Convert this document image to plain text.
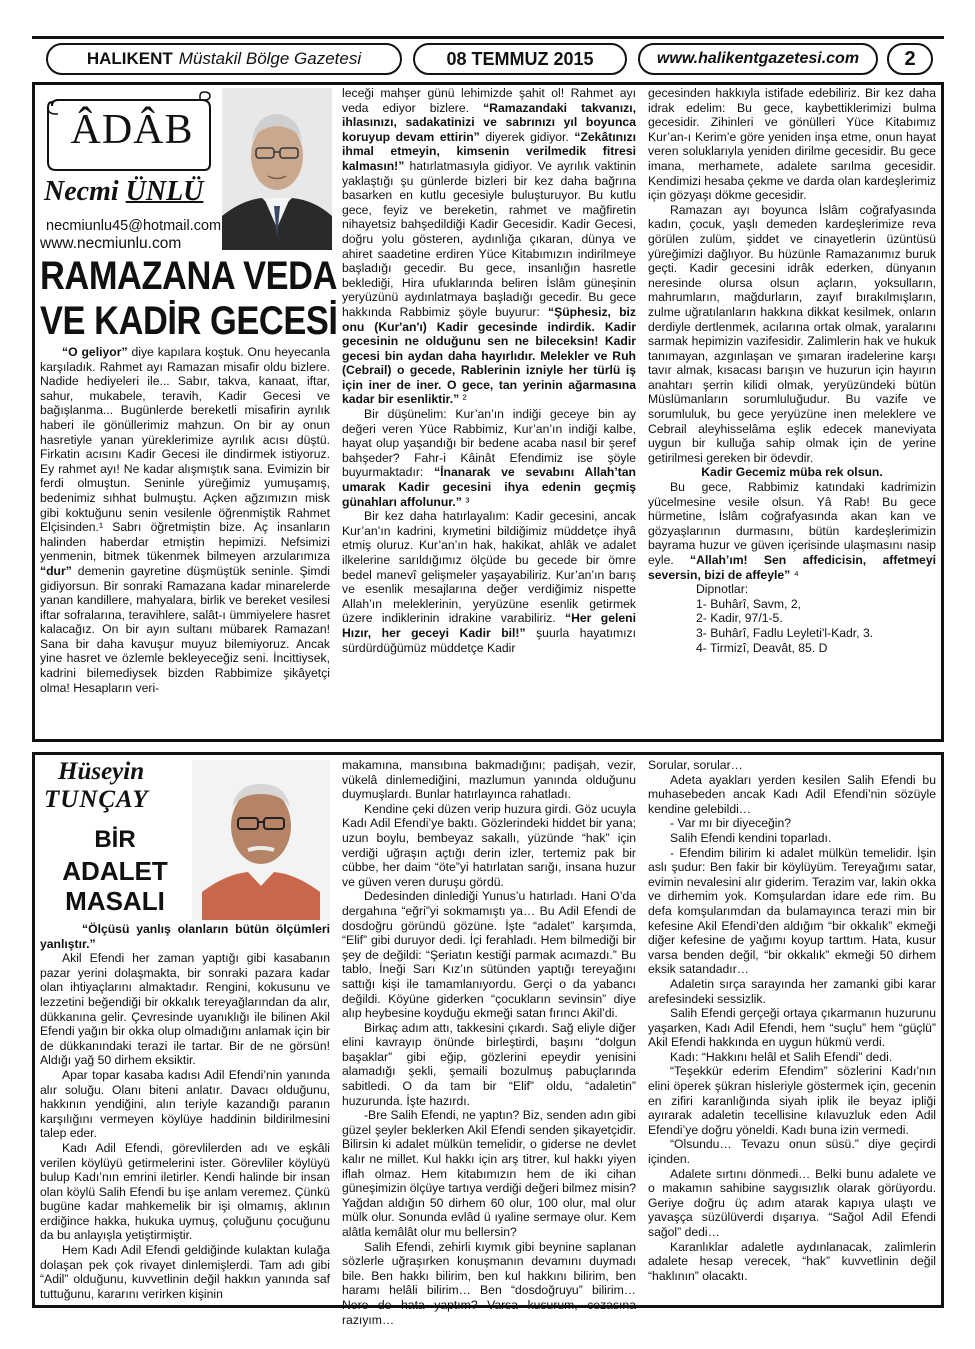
HALIKENT Müstakil Bölge Gazetesi	08 TEMMUZ 2015	www.halikentgazetesi.com 2
ÂDÂB
Necmi ÜNLÜ
necmiunlu45@hotmail.com
www.necmiunlu.com
RAMAZANA VEDA
VE KADİR GECESİ

“O geliyor” diye kapılara koştuk. Onu heyecanla karşıladık. Rahmet ayı Ramazan misafir oldu bizlere. Nadide hediyeleri ile... Sabır, takva, kanaat, iftar, sahur, mukabele, teravih, Kadir Gecesi ve bağışlanma... Bugünlerde bereketli misafirin ayrılık haberi ile gönüllerimiz mahzun. On bir ay onun hasretiyle yanan yüreklerimize ayrılık acısı düştü. Firkatin acısını Kadir Gecesi ile dindirmek istiyoruz. Ey rahmet ayı! Ne kadar alışmıştık sana. Evimizin bir ferdi olmuştun. Seninle yüreğimiz yumuşamış, bedenimiz sıhhat bulmuştu. Açken ağzımızın misk gibi koktuğunu senin vesilenle öğrenmiştik Rahmet Elçisinden.¹ Sabrı öğretmiştin bize. Aç insanların halinden haberdar etmiştin hepimizi. Nefsimizi yenmenin, bitmek tükenmek bilmeyen arzularımıza “dur” demenin gayretine düşmüştük seninle. Şimdi gidiyorsun. Bir sonraki Ramazana kadar minarelerde yanan kandillere, mahyalara, birlik ve bereket vesilesi iftar sofralarına, teravihlere, salât-ı ümmiyelere hasret kalacağız. On bir ayın sultanı mübarek Ramazan! Sana bir daha kavuşur muyuz bilemiyoruz. Ancak yine hasret ve özlemle bekleyeceğiz seni. İncittiysek, kadrini bilemediysek bizden Rabbimize şikâyetçi olma! Hesapların veri-

leceği mahşer günü lehimizde şahit ol! Rahmet ayı veda ediyor bizlere. “Ramazandaki takvanızı, ihlasınızı, sadakatinizi ve sabrınızı yıl boyunca koruyup devam ettirin” diyerek gidiyor. “Zekâtınızı ihmal etmeyin, kimsenin verilmedik fitresi kalmasın!” hatırlatmasıyla gidiyor. Ve ayrılık vaktinin yaklaştığı şu günlerde bizleri bir kez daha bağrına basarken en kutlu gecesiyle buluşturuyor. Bu kutlu gece, feyiz ve bereketin, rahmet ve mağfiretin nihayetsiz bahşedildiği Kadir Gecesidir. Kadir Gecesi, doğru yolu gösteren, aydınlığa çıkaran, dünya ve ahiret saadetine erdiren Yüce Kitabımızın indirilmeye başladığı gecedir. Bu gece, insanlığın hasretle beklediği, Hira ufuklarında beliren İslâm güneşinin yeryüzünü aydınlatmaya başladığı gecedir. Bu gece hakkında Rabbimiz şöyle buyurur: “Şüphesiz, biz onu (Kur'an'ı) Kadir gecesinde indirdik. Kadir gecesinin ne olduğunu sen ne bileceksin! Kadir gecesi bin aydan daha hayırlıdır. Melekler ve Ruh (Cebrail) o gecede, Rablerinin izniyle her türlü iş için iner de iner. O gece, tan yerinin ağarmasına kadar bir esenliktir.” ²

Bir düşünelim: Kur’an’ın indiği geceye bin ay değeri veren Yüce Rabbimiz, Kur’an’ın indiği kalbe, hayat olup yaşandığı bir bedene acaba nasıl bir şeref bahşeder? Fahr-i Kâinât Efendimiz ise şöyle buyurmaktadır: “İnanarak ve sevabını Allah’tan umarak Kadir gecesini ihya edenin geçmiş günahları affolunur.” ³

Bir kez daha hatırlayalım: Kadir gecesini, ancak Kur’an’ın kadrini, kıymetini bildiğimiz müddetçe ihyâ etmiş oluruz. Kur’an’ın hak, hakikat, ahlâk ve adalet ilkelerine sarıldığımız ölçüde bu gecede bir ömre bedel manevî gelişmeler yaşayabiliriz. Kur’an’ın barış ve esenlik mesajlarına değer verdiğimiz nispette Allah’ın meleklerinin, yeryüzüne esenlik getirmek üzere indiklerinin idrakine varabiliriz. “Her geleni Hızır, her geceyi Kadir bil!” şuurla hayatımızı sürdürdüğümüz müddetçe Kadir

gecesinden hakkıyla istifade edebiliriz. Bir kez daha idrak edelim: Bu gece, kaybettiklerimizi bulma gecesidir. Zihinleri ve gönülleri Yüce Kitabımız Kur’an-ı Kerim’e göre yeniden inşa etme, onun hayat veren soluklarıyla yeniden dirilme gecesidir. Bu gece imana, merhamete, adalete sarılma gecesidir. Kendimizi hesaba çekme ve darda olan kardeşlerimiz için gözyaşı dökme gecesidir.

Ramazan ayı boyunca İslâm coğrafyasında kadın, çocuk, yaşlı demeden kardeşlerimize reva görülen zulüm, şiddet ve cinayetlerin üzüntüsü yüreğimizi dağlıyor. Bu hüzünle Ramazanımız buruk geçti. Kadir gecesini idrâk ederken, dünyanın neresinde olursa olsun açların, yoksulların, mahrumların, mağdurların, zayıf bırakılmışların, zulme uğratılanların hakkına dikkat kesilmek, onların derdiyle dertlenmek, acılarına ortak olmak, yaralarını sarmak hepimizin vazifesidir. Zalimlerin hak ve hukuk tanımayan, azgınlaşan ve şımaran iradelerine karşı tavır almak, kısacası barışın ve huzurun için hayırın anahtarı şerrin kilidi olmak, yeryüzündeki bütün Müslümanların sorumluluğudur. Bu vazife ve sorumluluk, bu gece yeryüzüne inen meleklere ve Cebrail aleyhisselâma eşlik edecek maneviyata uygun bir kulluğa sahip olmak için de yerine getirilmesi gereken bir ödevdir.

Kadir Gecemiz müba rek olsun.

Bu gece, Rabbimiz katındaki kadrimizin yücelmesine vesile olsun. Yâ Rab! Bu gece hürmetine, İslâm coğrafyasında akan kan ve gözyaşlarının durmasını, bütün kardeşlerimizin bayrama huzur ve güven içerisinde ulaşmasını nasip eyle. “Allah’ım! Sen affedicisin, affetmeyi seversin, bizi de affeyle” ⁴

Dipnotlar:

1- Buhârî, Savm, 2,

2- Kadir, 97/1-5.

3- Buhârî, Fadlu Leyleti'l-Kadr, 3.

4- Tirmizî, Deavât, 85. D

Hüseyin
TUNÇAY
BİR
ADALET
MASALI

“Ölçüsü yanlış olanların bütün ölçümleri yanlıştır.”

Akil Efendi her zaman yaptığı gibi kasabanın pazar yerini dolaşmakta, bir sonraki pazara kadar olan ihtiyaçlarını almaktadır. Rengini, kokusunu ve lezzetini beğendiği bir okkalık tereyağlarından da alır, dükkanına gelir. Çevresinde uyanıklığı ile bilinen Akil Efendi yağın bir okka olup olmadığını anlamak için bir de dükkanındaki terazi ile tartar. Bir de ne görsün! Aldığı yağ 50 dirhem eksiktir.

Apar topar kasaba kadısı Adil Efendi’nin yanında alır soluğu. Olanı biteni anlatır. Davacı olduğunu, hakkının yendiğini, alın teriyle kazandığı paranın karşılığını vermeyen köylüye haddinin bildirilmesini talep eder.

Kadı Adil Efendi, görevlilerden adı ve eşkâli verilen köylüyü getirmelerini ister. Görevliler köylüyü bulup Kadı’nın emrini iletirler. Kendi halinde bir insan olan köylü Salih Efendi bu işe anlam veremez. Çünkü bugüne kadar mahkemelik bir işi olmamış, aklının erdiğince hakka, hukuka uymuş, çoluğunu çocuğunu da bu anlayışla yetiştirmiştir.

Hem Kadı Adil Efendi geldiğinde kulaktan kulağa dolaşan pek çok rivayet dinlemişlerdi. Tam adı gibi “Adil” olduğunu, kuvvetlinin değil hakkın yanında saf tuttuğunu, kararını verirken kişinin

makamına, mansıbına bakmadığını; padişah, vezir, vükelâ dinlemediğini, mazlumun yanında olduğunu duymuşlardı. Bunlar hatırlayınca rahatladı.

Kendine çeki düzen verip huzura girdi. Göz ucuyla Kadı Adil Efendi’ye baktı. Gözlerindeki hiddet bir yana; uzun boylu, bembeyaz sakallı, yüzünde “hak” için verdiği uğraşın açtığı derin izler, tertemiz pak bir cübbe, her daim “öte”yi hatırlatan sarığı, insana huzur ve güven veren duruşu gördü.

Dedesinden dinlediği Yunus’u hatırladı. Hani O’da dergahına “eğri”yi sokmamıştı ya… Bu Adil Efendi de dosdoğru göründü gözüne. İşte “adalet” karşımda, “Elif” gibi duruyor dedi. İçi ferahladı. Hem bilmediği bir şey de değildi: “Şeriatın kestiği parmak acımazdı.” Bu tablo, İneği Sarı Kız’ın sütünden yaptığı tereyağını sattığı kişi ile tamamlanıyordu. Gerçi o da yabancı değildi. Köyüne giderken “çocukların sevinsin” diye alıp heybesine koyduğu ekmeği satan fırıncı Akil’di.

Birkaç adım attı, takkesini çıkardı. Sağ eliyle diğer elini kavrayıp önünde birleştirdi, başını “dolgun başaklar” gibi eğip, gözlerini epeydir yenisini alamadığı şekli, şemaili bozulmuş pabuçlarında sabitledi. O da tam bir “Elif” oldu, “adaletin” huzurunda. İşte hazırdı.

-Bre Salih Efendi, ne yaptın? Biz, senden adın gibi güzel şeyler beklerken Akil Efendi senden şikayetçidir. Bilirsin ki adalet mülkün temelidir, o giderse ne devlet kalır ne millet. Kul hakkı için arş titrer, kul hakkı yiyen iflah olmaz. Hem kitabımızın hem de iki cihan güneşimizin ölçüye tartıya verdiği değeri bilmez misin? Yağdan aldığın 50 dirhem 60 olur, 100 olur, mal olur mülk olur. Sonunda evlâd ü ıyaline sermaye olur. Kem alâtla kemâlât olur mu bellersin?

Salih Efendi, zehirli kıymık gibi beynine saplanan sözlerle uğraşırken konuşmanın devamını duymadı bile. Ben hakkı bilirim, ben kul hakkını bilirim, ben haramı helâli bilirim… Ben “dosdoğruyu” bilirim… Nere de hata yaptım? Varsa kusurum, cezasına razıyım…

Sorular, sorular…

Adeta ayakları yerden kesilen Salih Efendi bu muhasebeden ancak Kadı Adil Efendi’nin sözüyle kendine gelebildi…

- Var mı bir diyeceğin?

Salih Efendi kendini toparladı.

- Efendim bilirim ki adalet mülkün temelidir. İşin aslı şudur: Ben fakir bir köylüyüm. Tereyağımı satar, evimin nevalesini alır giderim. Terazim var, lakin okka ve dirhemim yok. Komşulardan idare ede rim. Bu defa komşularımdan da bulamayınca terazi min bir kefesine Akil Efendi’den aldığım “bir okkalık” ekmeği diğer kefesine de yağımı koyup tarttım. Hata, kusur varsa benden değil, “bir okkalık” ekmeği 50 dirhem eksik satandadır…

Adaletin sırça sarayında her zamanki gibi karar arefesindeki sessizlik.

Salih Efendi gerçeği ortaya çıkarmanın huzurunu yaşarken, Kadı Adil Efendi, hem “suçlu” hem “güçlü” Akil Efendi hakkında en uygun hükmü verdi.

Kadı: “Hakkını helâl et Salih Efendi” dedi.

“Teşekkür ederim Efendim” sözlerini Kadı’nın elini öperek şükran hisleriyle göstermek için, gecenin en zifiri karanlığında siyah iplik ile beyaz ipliği ayırarak adaletin tecellisine kılavuzluk eden Adil Efendi’ye doğru yöneldi. Kadı buna izin vermedi.

“Olsundu… Tevazu onun süsü.” diye geçirdi içinden.

Adalete sırtını dönmedi… Belki bunu adalete ve o makamın sahibine saygısızlık olarak görüyordu. Geriye doğru üç adım atarak kapıya ulaştı ve yavaşça süzülüverdi dışarıya. “Sağol Adil Efendi sağol” dedi…

Karanlıklar adaletle aydınlanacak, zalimlerin adalete hesap verecek, “hak” kuvvetlinin değil “haklının” olacaktı.
